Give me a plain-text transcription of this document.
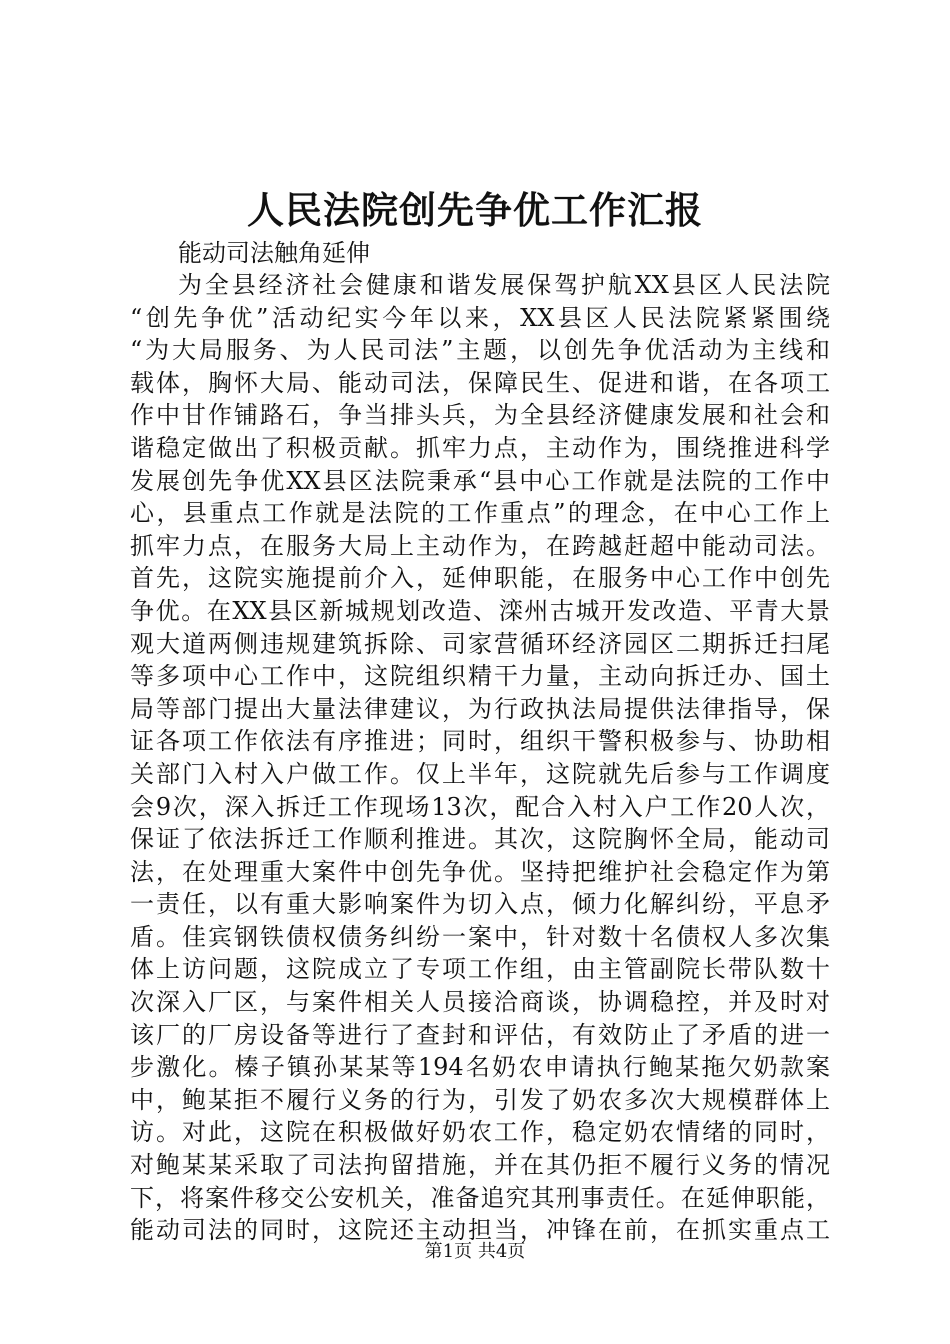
人民法院创先争优工作汇报

能动司法触角延伸

为全县经济社会健康和谐发展保驾护航XX县区人民法院
“创先争优”活动纪实今年以来，XX县区人民法院紧紧围绕
“为大局服务、为人民司法”主题，以创先争优活动为主线和
载体，胸怀大局、能动司法，保障民生、促进和谐，在各项工
作中甘作铺路石，争当排头兵，为全县经济健康发展和社会和
谐稳定做出了积极贡献。抓牢力点，主动作为，围绕推进科学
发展创先争优XX县区法院秉承“县中心工作就是法院的工作中
心，县重点工作就是法院的工作重点”的理念，在中心工作上
抓牢力点，在服务大局上主动作为，在跨越赶超中能动司法。
首先，这院实施提前介入，延伸职能，在服务中心工作中创先
争优。在XX县区新城规划改造、滦州古城开发改造、平青大景
观大道两侧违规建筑拆除、司家营循环经济园区二期拆迁扫尾
等多项中心工作中，这院组织精干力量，主动向拆迁办、国土
局等部门提出大量法律建议，为行政执法局提供法律指导，保
证各项工作依法有序推进；同时，组织干警积极参与、协助相
关部门入村入户做工作。仅上半年，这院就先后参与工作调度
会9次，深入拆迁工作现场13次，配合入村入户工作20人次，
保证了依法拆迁工作顺利推进。其次，这院胸怀全局，能动司
法，在处理重大案件中创先争优。坚持把维护社会稳定作为第
一责任，以有重大影响案件为切入点，倾力化解纠纷，平息矛
盾。佳宾钢铁债权债务纠纷一案中，针对数十名债权人多次集
体上访问题，这院成立了专项工作组，由主管副院长带队数十
次深入厂区，与案件相关人员接洽商谈，协调稳控，并及时对
该厂的厂房设备等进行了查封和评估，有效防止了矛盾的进一
步激化。榛子镇孙某某等194名奶农申请执行鲍某拖欠奶款案
中，鲍某拒不履行义务的行为，引发了奶农多次大规模群体上
访。对此，这院在积极做好奶农工作，稳定奶农情绪的同时，
对鲍某某采取了司法拘留措施，并在其仍拒不履行义务的情况
下，将案件移交公安机关，准备追究其刑事责任。在延伸职能，
能动司法的同时，这院还主动担当，冲锋在前，在抓实重点工

第1页 共4页
